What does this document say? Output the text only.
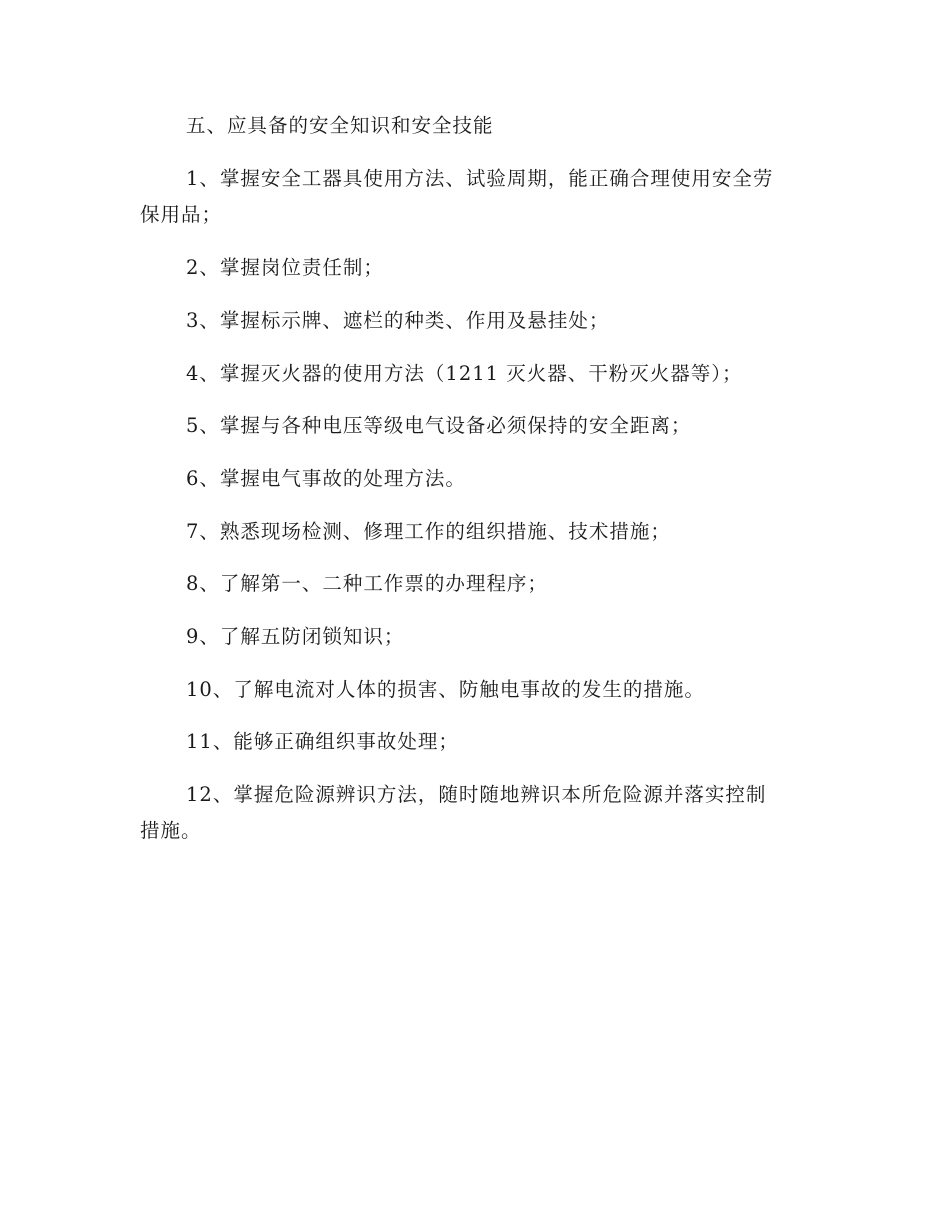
五、应具备的安全知识和安全技能

1、掌握安全工器具使用方法、试验周期，能正确合理使用安全劳

保用品；

2、掌握岗位责任制；

3、掌握标示牌、遮栏的种类、作用及悬挂处；

4、掌握灭火器的使用方法（1211 灭火器、干粉灭火器等）；

5、掌握与各种电压等级电气设备必须保持的安全距离；

6、掌握电气事故的处理方法。

7、熟悉现场检测、修理工作的组织措施、技术措施；

8、了解第一、二种工作票的办理程序；

9、了解五防闭锁知识；

10、了解电流对人体的损害、防触电事故的发生的措施。

11、能够正确组织事故处理；

12、掌握危险源辨识方法，随时随地辨识本所危险源并落实控制

措施。
